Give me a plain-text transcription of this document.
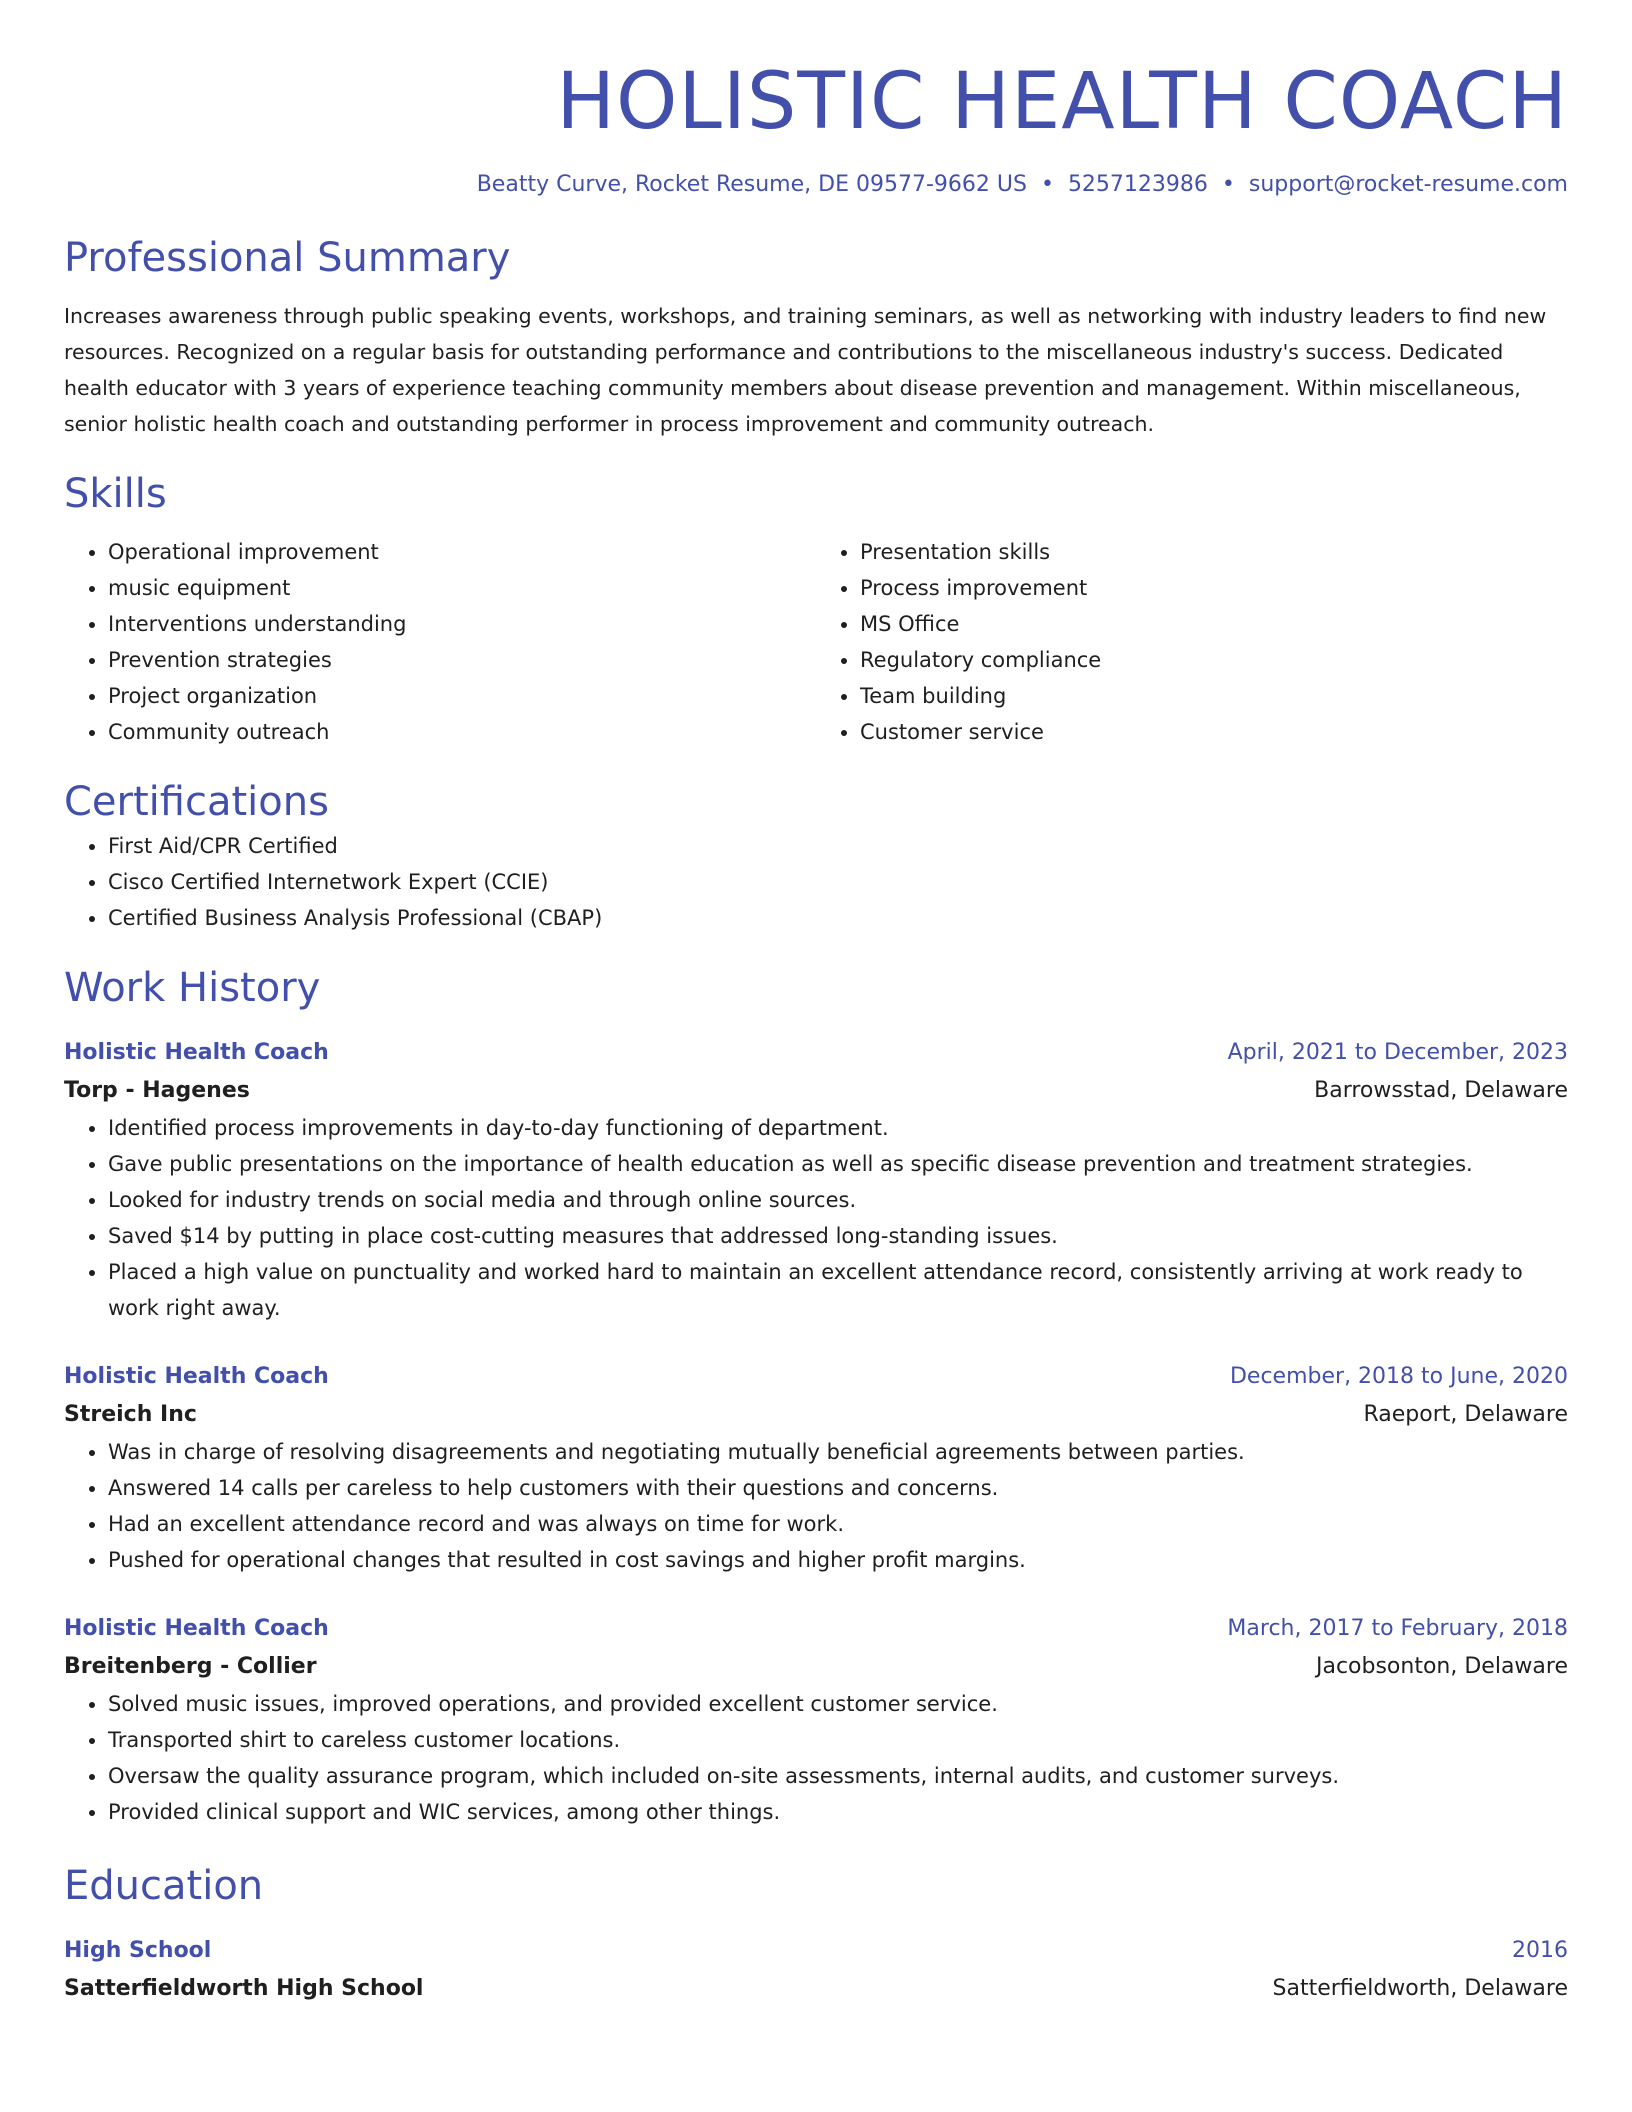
HOLISTIC HEALTH COACH
Beatty Curve, Rocket Resume, DE 09577-9662 US • 5257123986 • support@rocket-resume.com
Professional Summary

Increases awareness through public speaking events, workshops, and training seminars, as well as networking with industry leaders to find new resources. Recognized on a regular basis for outstanding performance and contributions to the miscellaneous industry's success. Dedicated health educator with 3 years of experience teaching community members about disease prevention and management. Within miscellaneous, senior holistic health coach and outstanding performer in process improvement and community outreach.

Skills
• Operational improvement
• music equipment
• Interventions understanding
• Prevention strategies
• Project organization
• Community outreach
• Presentation skills
• Process improvement
• MS Office
• Regulatory compliance
• Team building
• Customer service
Certifications
• First Aid/CPR Certified
• Cisco Certified Internetwork Expert (CCIE)
• Certified Business Analysis Professional (CBAP)
Work History
Holistic Health Coach	April, 2021 to December, 2023
Torp - Hagenes	Barrowsstad, Delaware
• Identified process improvements in day-to-day functioning of department.
• Gave public presentations on the importance of health education as well as specific disease prevention and treatment strategies.
• Looked for industry trends on social media and through online sources.
• Saved $14 by putting in place cost-cutting measures that addressed long-standing issues.
• Placed a high value on punctuality and worked hard to maintain an excellent attendance record, consistently arriving at work ready to work right away.
Holistic Health Coach	December, 2018 to June, 2020
Streich Inc	Raeport, Delaware
• Was in charge of resolving disagreements and negotiating mutually beneficial agreements between parties.
• Answered 14 calls per careless to help customers with their questions and concerns.
• Had an excellent attendance record and was always on time for work.
• Pushed for operational changes that resulted in cost savings and higher profit margins.
Holistic Health Coach	March, 2017 to February, 2018
Breitenberg - Collier	Jacobsonton, Delaware
• Solved music issues, improved operations, and provided excellent customer service.
• Transported shirt to careless customer locations.
• Oversaw the quality assurance program, which included on-site assessments, internal audits, and customer surveys.
• Provided clinical support and WIC services, among other things.
Education
High School	2016
Satterfieldworth High School	Satterfieldworth, Delaware
